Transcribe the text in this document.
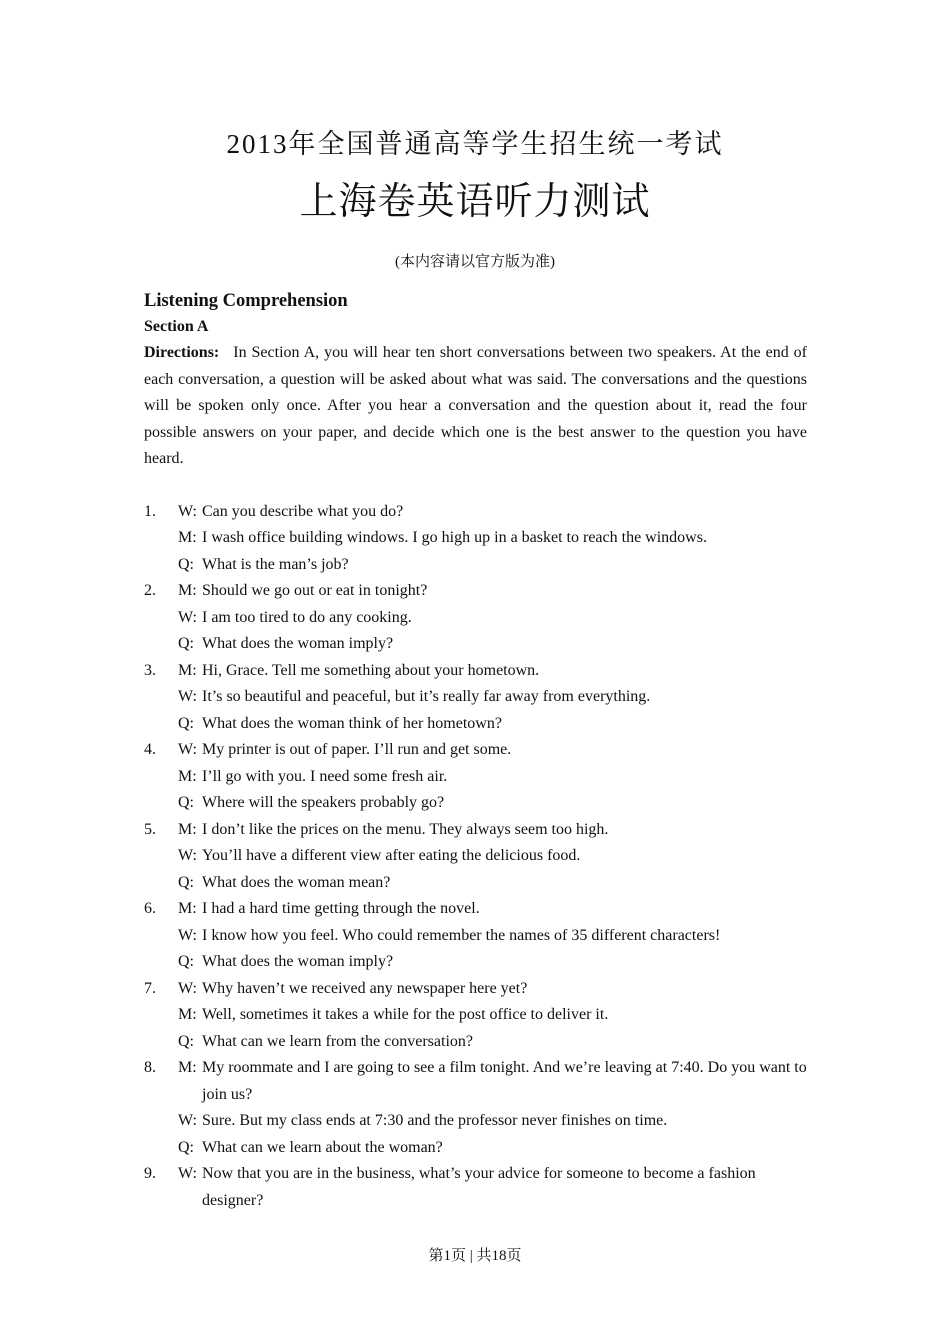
2013年全国普通高等学生招生统一考试
上海卷英语听力测试
(本内容请以官方版为准)
Listening Comprehension
Section A
Directions: In Section A, you will hear ten short conversations between two speakers. At the end of each conversation, a question will be asked about what was said. The conversations and the questions will be spoken only once. After you hear a conversation and the question about it, read the four possible answers on your paper, and decide which one is the best answer to the question you have heard.
1.	W: Can you describe what you do?
M: I wash office building windows. I go high up in a basket to reach the windows.
Q: What is the man’s job?
2.	M: Should we go out or eat in tonight?
W: I am too tired to do any cooking.
Q: What does the woman imply?
3.	M: Hi, Grace. Tell me something about your hometown.
W: It’s so beautiful and peaceful, but it’s really far away from everything.
Q: What does the woman think of her hometown?
4.	W: My printer is out of paper. I’ll run and get some.
M: I’ll go with you. I need some fresh air.
Q: Where will the speakers probably go?
5.	M: I don’t like the prices on the menu. They always seem too high.
W: You’ll have a different view after eating the delicious food.
Q: What does the woman mean?
6.	M: I had a hard time getting through the novel.
W: I know how you feel. Who could remember the names of 35 different characters!
Q: What does the woman imply?
7.	W: Why haven’t we received any newspaper here yet?
M: Well, sometimes it takes a while for the post office to deliver it.
Q: What can we learn from the conversation?
8.	M: My roommate and I are going to see a film tonight. And we’re leaving at 7:40. Do you want to join us?
W: Sure. But my class ends at 7:30 and the professor never finishes on time.
Q: What can we learn about the woman?
9.	W: Now that you are in the business, what’s your advice for someone to become a fashion designer?
第1页 | 共18页
